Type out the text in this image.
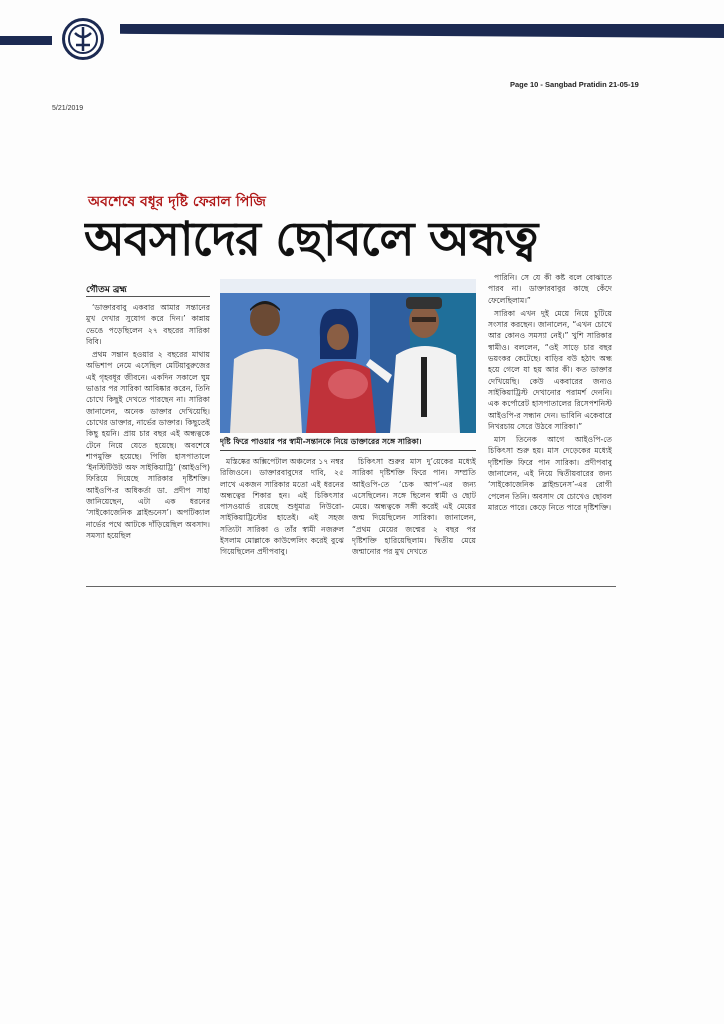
Page 10 - Sangbad Pratidin 21-05-19
5/21/2019
অবশেষে বধূর দৃষ্টি ফেরাল পিজি
অবসাদের ছোবলে অন্ধত্ব
গৌতম ব্রহ্ম

‘ডাক্তারবাবু একবার আমার সন্তানের মুখ দেখার সুযোগ করে দিন।’ কান্নায় ভেঙে পড়েছিলেন ২৭ বছরের সারিকা বিবি।

প্রথম সন্তান হওয়ার ২ বছরের মাথায় অভিশাপ নেমে এসেছিল মেটিয়াবুরুজের এই গৃহবধূর জীবনে। একদিন সকালে ঘুম ভাঙার পর সারিকা আবিষ্কার করেন, তিনি চোখে কিছুই দেখতে পারছেন না। সারিকা জানালেন, অনেক ডাক্তার দেখিয়েছি। চোখের ডাক্তার, নার্ভের ডাক্তার। কিছুতেই কিছু হয়নি। প্রায় চার বছর এই অন্ধত্বকে টেনে নিয়ে যেতে হয়েছে। অবশেষে শাপমুক্তি হয়েছে। পিজি হাসপাতালে ‘ইনস্টিটিউট অফ সাইকিয়াট্রি’ (আইওপি) ফিরিয়ে দিয়েছে সারিকার দৃষ্টিশক্তি। আইওপি-র অধিকর্তা ডা. প্রদীপ সাহা জানিয়েছেন, এটা এক ধরনের ‘সাইকোজেনিক ব্লাইন্ডনেস’। অপটিক্যাল নার্ভের পথে আটকে দাঁড়িয়েছিল অবসাদ। সমস্যা হয়েছিল

দৃষ্টি ফিরে পাওয়ার পর স্বামী-সন্তানকে নিয়ে ডাক্তারের সঙ্গে সারিকা।

মস্তিষ্কের অক্সিপেটাল অঞ্চলের ১৭ নম্বর রিজিওনে। ডাক্তারবাবুদের দাবি, ২৫ লাখে একজন সারিকার মতো এই ধরনের অন্ধত্বের শিকার হন। এই চিকিৎসার পাসওয়ার্ড রয়েছে শুধুমাত্র নিউরো-সাইকিয়াট্রিস্টের হাতেই। এই সহজ সত্যিটা সারিকা ও তাঁর স্বামী নজরুল ইসলাম মোল্লাকে কাউন্সেলিং করেই বুঝে গিয়েছিলেন প্রদীপবাবু।

চিকিৎসা শুরুর মাস দু’য়েকের মধ্যেই সারিকা দৃষ্টিশক্তি ফিরে পান। সম্প্রতি আইওপি-তে ‘চেক আপ’-এর জন্য এসেছিলেন। সঙ্গে ছিলেন স্বামী ও ছোট মেয়ে। অন্ধত্বকে সঙ্গী করেই এই মেয়ের জন্ম দিয়েছিলেন সারিকা। জানালেন, “প্রথম মেয়ের জন্মের ২ বছর পর দৃষ্টিশক্তি হারিয়েছিলাম। দ্বিতীয় মেয়ে জন্মানোর পর মুখ দেখতে

পারিনি। সে যে কী কষ্ট বলে বোঝাতে পারব না। ডাক্তারবাবুর কাছে কেঁদে ফেলেছিলাম।”

সারিকা এখন দুই মেয়ে নিয়ে চুটিয়ে সংসার করছেন। জানালেন, “এখন চোখে আর কোনও সমস্যা নেই।” খুশি সারিকার স্বামীও। বললেন, “ওই সাড়ে চার বছর ভয়ংকর কেটেছে। বাড়ির বউ হঠাৎ অন্ধ হয়ে গেলে যা হয় আর কী। কত ডাক্তার দেখিয়েছি। কেউ একবারের জন্যও সাইকিয়াট্রিস্ট দেখানোর পরামর্শ দেননি। এক কর্পোরেট হাসপাতালের রিসেপশনিস্ট আইওপি-র সন্ধান দেন। ভাবিনি একেবারে নিখরচায় সেরে উঠবে সারিকা।”

মাস তিনেক আগে আইওপি-তে চিকিৎসা শুরু হয়। মাস দেড়েকের মধ্যেই দৃষ্টিশক্তি ফিরে পান সারিকা। প্রদীপবাবু জানালেন, এই নিয়ে দ্বিতীয়বারের জন্য ‘সাইকোজেনিক ব্লাইন্ডনেস’-এর রোগী পেলেন তিনি। অবসাদ যে চোখেও ছোবল মারতে পারে। কেড়ে নিতে পারে দৃষ্টিশক্তি।
